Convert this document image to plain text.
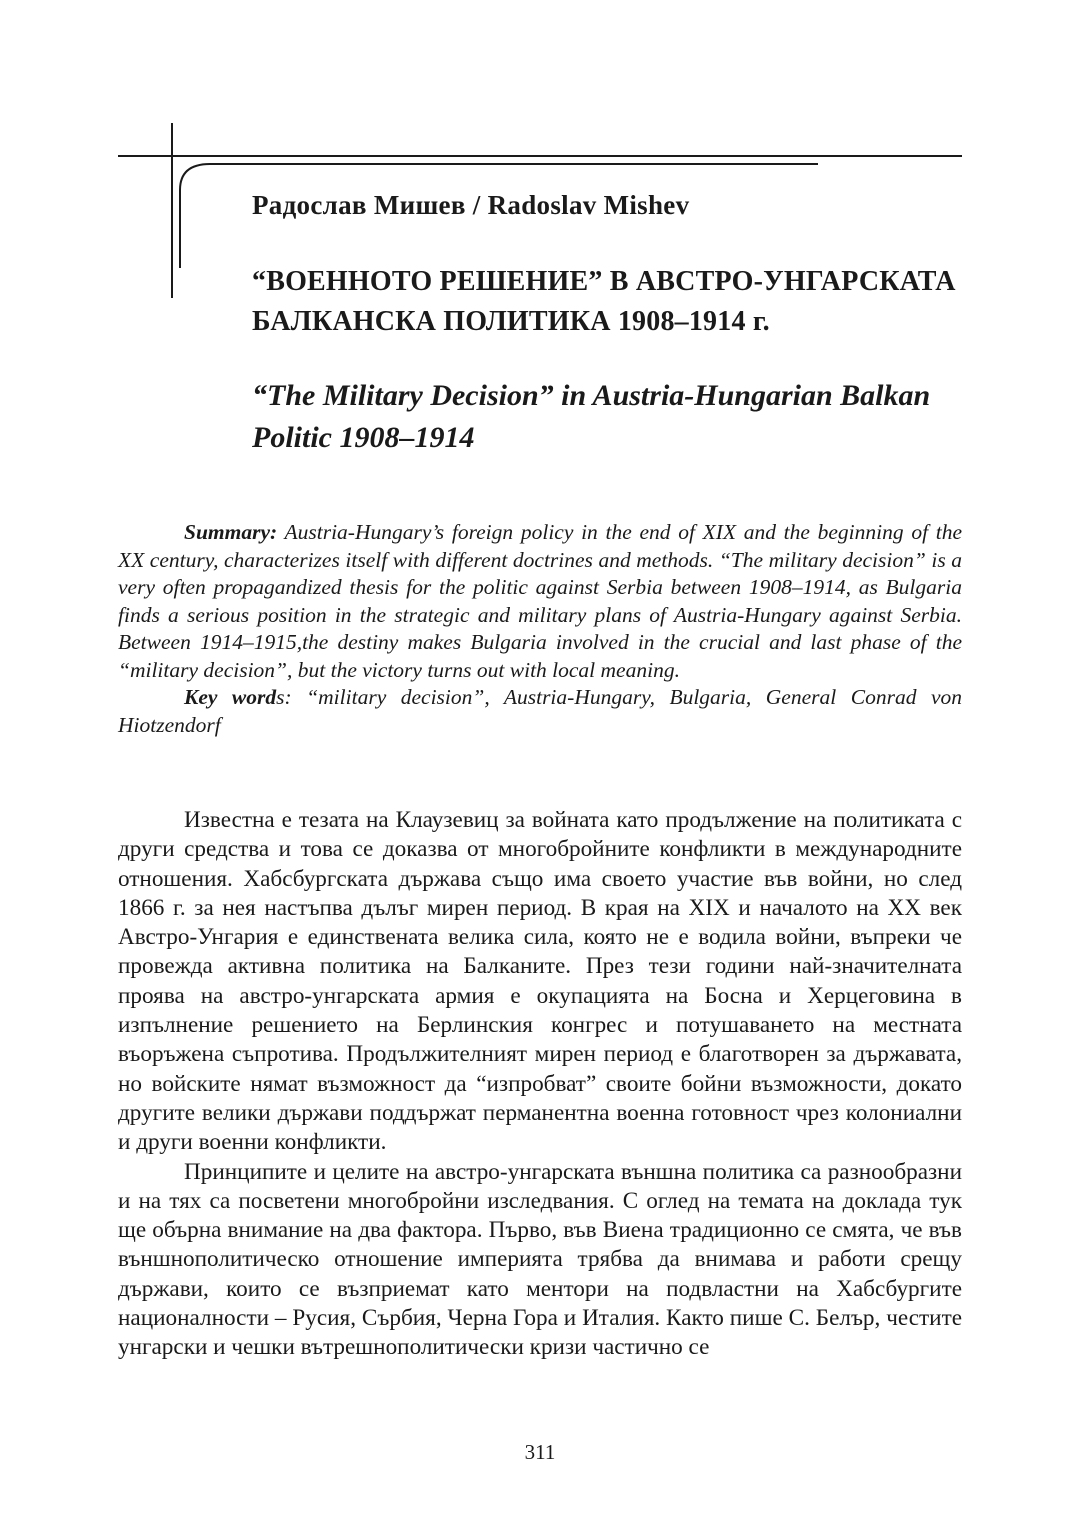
Радослав Мишев / Radoslav Mishev
“ВОЕННОТО РЕШЕНИЕ” В АВСТРО-УНГАРСКАТА
БАЛКАНСКА ПОЛИТИКА 1908–1914 г.
“The Military Decision” in Austria-Hungarian Balkan
Politic 1908–1914

Summary: Austria-Hungary’s foreign policy in the end of XIX and the beginning of the XX century, characterizes itself with different doctrines and methods. “The military decision” is a very often propagandized thesis for the politic against Serbia between 1908–1914, as Bulgaria finds a serious position in the strategic and military plans of Austria-Hungary against Serbia. Between 1914–1915,the destiny makes Bulgaria involved in the crucial and last phase of the “military decision”, but the victory turns out with local meaning.

Key words: “military decision”, Austria-Hungary, Bulgaria, General Conrad von Hiotzendorf

Известна е тезата на Клаузевиц за войната като продължение на политиката с други средства и това се доказва от многобройните конфликти в международните отношения. Хабсбургската държава също има своето участие във войни, но след 1866 г. за нея настъпва дълъг мирен период. В края на XIX и началото на XX век Австро-Унгария е единствената велика сила, която не е водила войни, въпреки че провежда активна политика на Балканите. През тези години най-значителната проява на австро-унгарската армия е окупацията на Босна и Херцеговина в изпълнение решението на Берлинския конгрес и потушаването на местната въоръжена съпротива. Продължителният мирен период е благотворен за държавата, но войските нямат възможност да “изпробват” своите бойни възможности, докато другите велики държави поддържат перманентна военна готовност чрез колониални и други военни конфликти.

Принципите и целите на австро-унгарската външна политика са разнообразни и на тях са посветени многобройни изследвания. С оглед на темата на доклада тук ще обърна внимание на два фактора. Първо, във Виена традиционно се смята, че във външнополитическо отношение империята трябва да внимава и работи срещу държави, които се възприемат като ментори на подвластни на Хабсбургите националности – Русия, Сърбия, Черна Гора и Италия. Както пише С. Белър, честите унгарски и чешки вътрешнополитически кризи частично се

311
